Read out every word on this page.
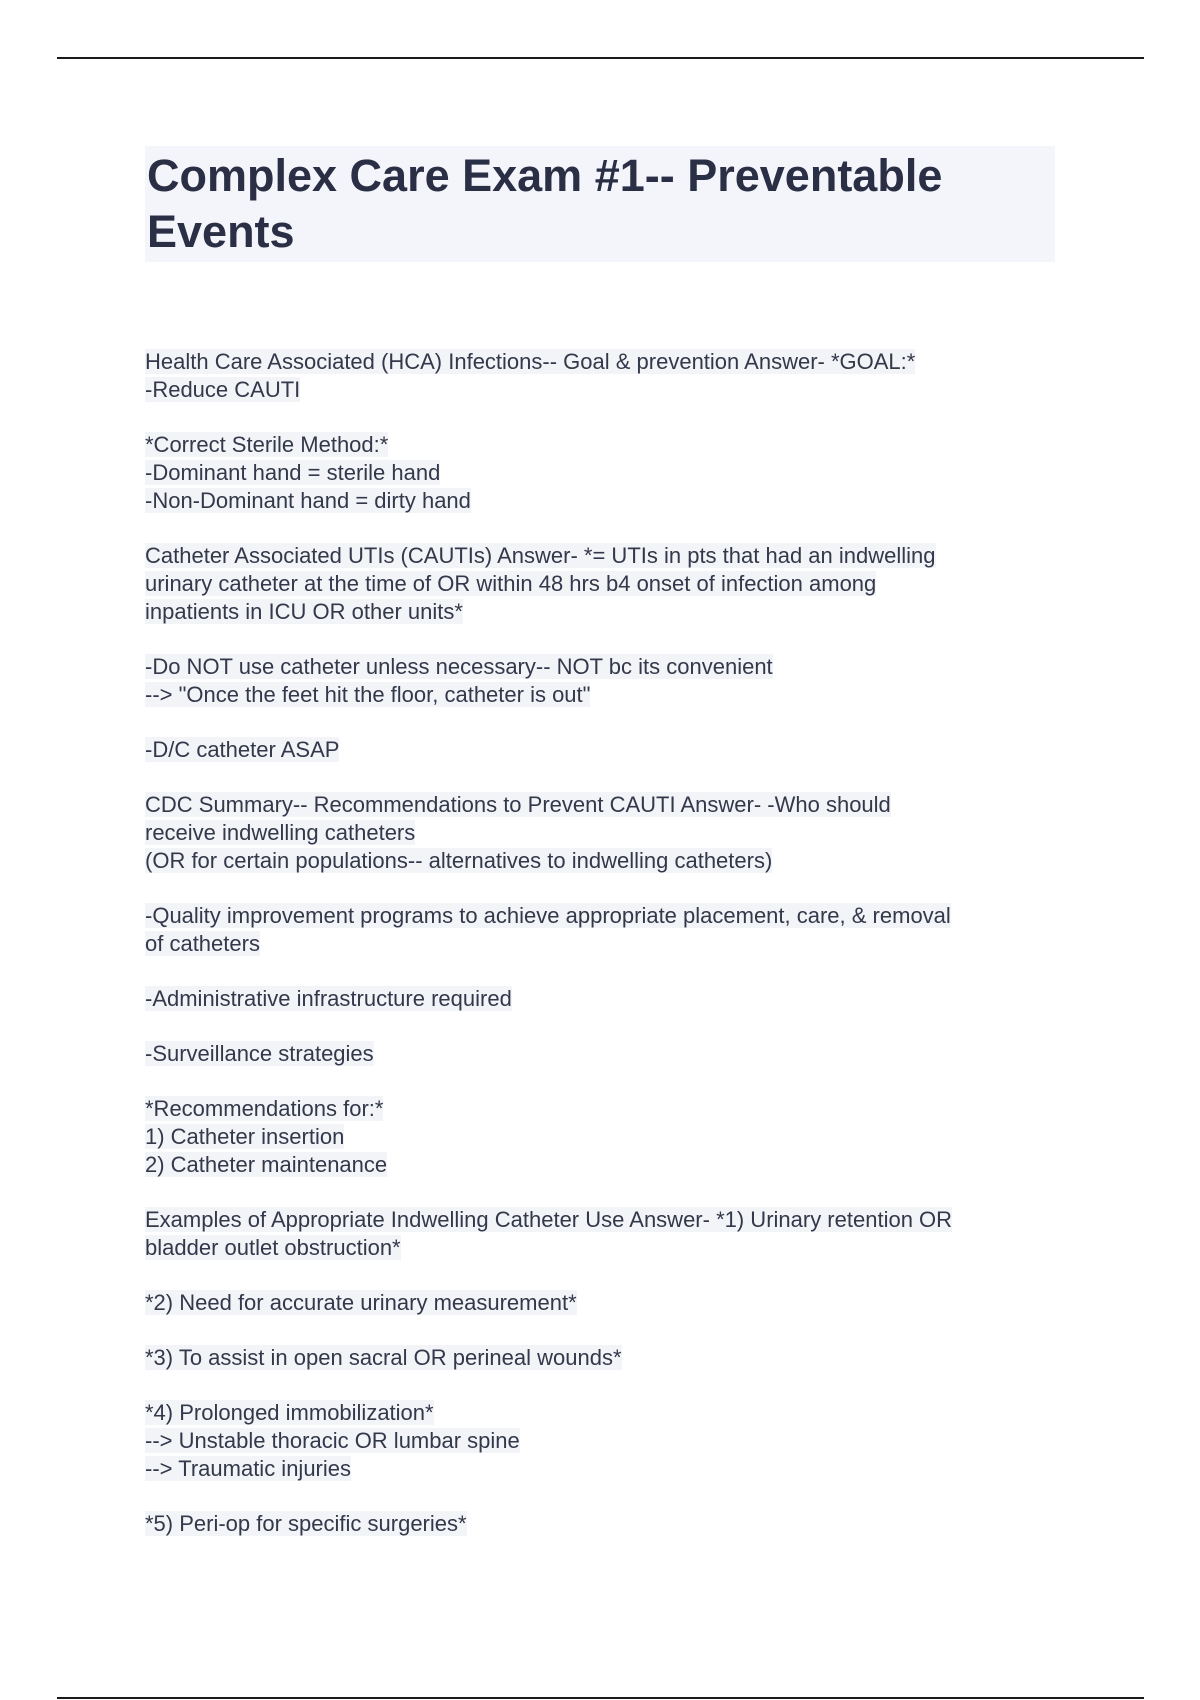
Complex Care Exam #1-- Preventable Events
Health Care Associated (HCA) Infections-- Goal & prevention Answer- *GOAL:*
-Reduce CAUTI
*Correct Sterile Method:*
-Dominant hand = sterile hand
-Non-Dominant hand = dirty hand
Catheter Associated UTIs (CAUTIs) Answer- *= UTIs in pts that had an indwelling
urinary catheter at the time of OR within 48 hrs b4 onset of infection among
inpatients in ICU OR other units*
-Do NOT use catheter unless necessary-- NOT bc its convenient
--> "Once the feet hit the floor, catheter is out"
-D/C catheter ASAP
CDC Summary-- Recommendations to Prevent CAUTI Answer- -Who should
receive indwelling catheters
(OR for certain populations-- alternatives to indwelling catheters)
-Quality improvement programs to achieve appropriate placement, care, & removal
of catheters
-Administrative infrastructure required
-Surveillance strategies
*Recommendations for:*
1) Catheter insertion
2) Catheter maintenance
Examples of Appropriate Indwelling Catheter Use Answer- *1) Urinary retention OR
bladder outlet obstruction*
*2) Need for accurate urinary measurement*
*3) To assist in open sacral OR perineal wounds*
*4) Prolonged immobilization*
--> Unstable thoracic OR lumbar spine
--> Traumatic injuries
*5) Peri-op for specific surgeries*
